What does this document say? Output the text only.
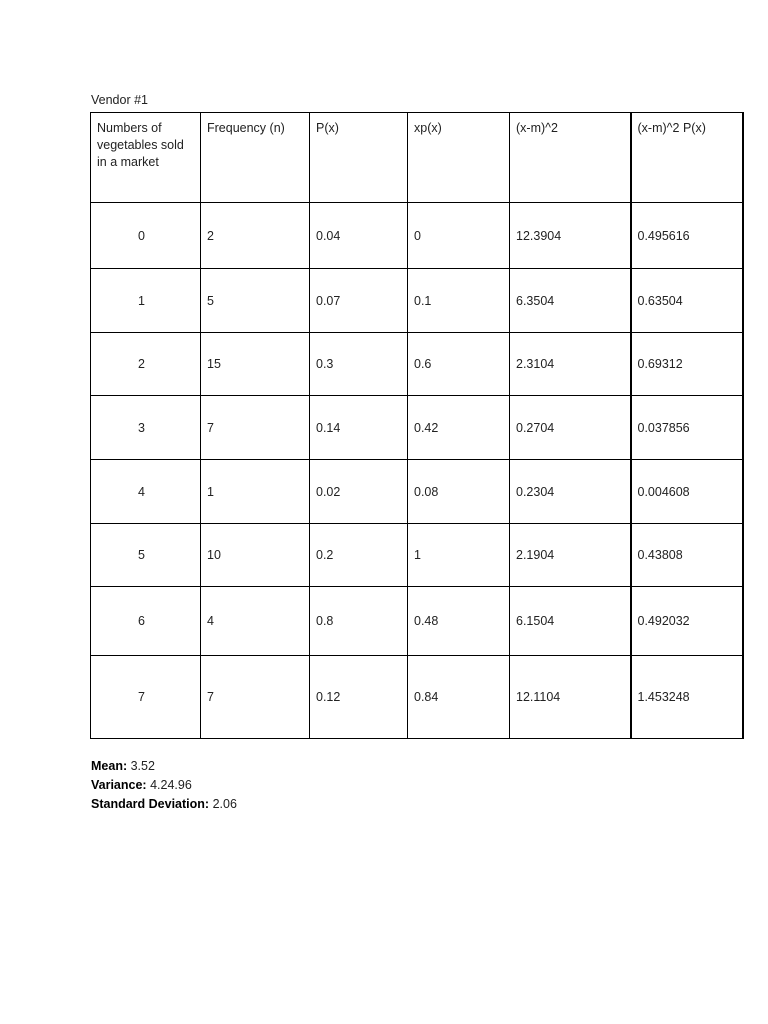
Vendor #1
Numbers of vegetables sold in a market	Frequency (n)	P(x)	xp(x)	(x-m)^2	(x-m)^2 P(x)
0	2	0.04	0	12.3904	0.495616
1	5	0.07	0.1	6.3504	0.63504
2	15	0.3	0.6	2.3104	0.69312
3	7	0.14	0.42	0.2704	0.037856
4	1	0.02	0.08	0.2304	0.004608
5	10	0.2	1	2.1904	0.43808
6	4	0.8	0.48	6.1504	0.492032
7	7	0.12	0.84	12.1104	1.453248
Mean: 3.52
Variance: 4.24.96
Standard Deviation: 2.06
